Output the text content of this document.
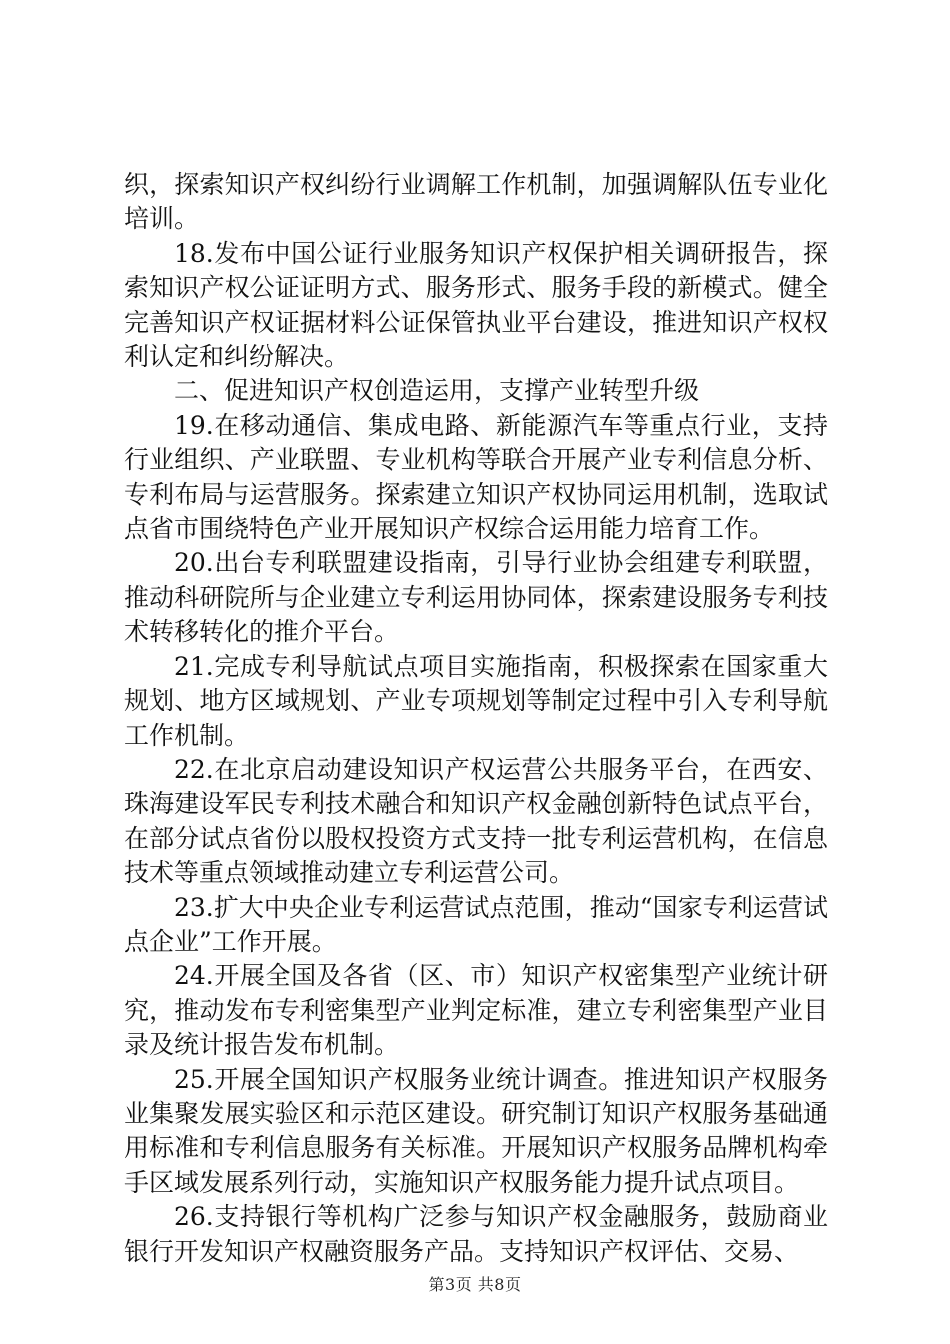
织，探索知识产权纠纷行业调解工作机制，加强调解队伍专业化培训。

18.发布中国公证行业服务知识产权保护相关调研报告，探索知识产权公证证明方式、服务形式、服务手段的新模式。健全完善知识产权证据材料公证保管执业平台建设，推进知识产权权利认定和纠纷解决。

二、促进知识产权创造运用，支撑产业转型升级

19.在移动通信、集成电路、新能源汽车等重点行业，支持行业组织、产业联盟、专业机构等联合开展产业专利信息分析、专利布局与运营服务。探索建立知识产权协同运用机制，选取试点省市围绕特色产业开展知识产权综合运用能力培育工作。

20.出台专利联盟建设指南，引导行业协会组建专利联盟，推动科研院所与企业建立专利运用协同体，探索建设服务专利技术转移转化的推介平台。

21.完成专利导航试点项目实施指南，积极探索在国家重大规划、地方区域规划、产业专项规划等制定过程中引入专利导航工作机制。

22.在北京启动建设知识产权运营公共服务平台，在西安、珠海建设军民专利技术融合和知识产权金融创新特色试点平台，在部分试点省份以股权投资方式支持一批专利运营机构，在信息技术等重点领域推动建立专利运营公司。

23.扩大中央企业专利运营试点范围，推动“国家专利运营试点企业”工作开展。

24.开展全国及各省（区、市）知识产权密集型产业统计研究，推动发布专利密集型产业判定标准，建立专利密集型产业目录及统计报告发布机制。

25.开展全国知识产权服务业统计调查。推进知识产权服务业集聚发展实验区和示范区建设。研究制订知识产权服务基础通用标准和专利信息服务有关标准。开展知识产权服务品牌机构牵手区域发展系列行动，实施知识产权服务能力提升试点项目。

26.支持银行等机构广泛参与知识产权金融服务，鼓励商业银行开发知识产权融资服务产品。支持知识产权评估、交易、

第3页 共8页
